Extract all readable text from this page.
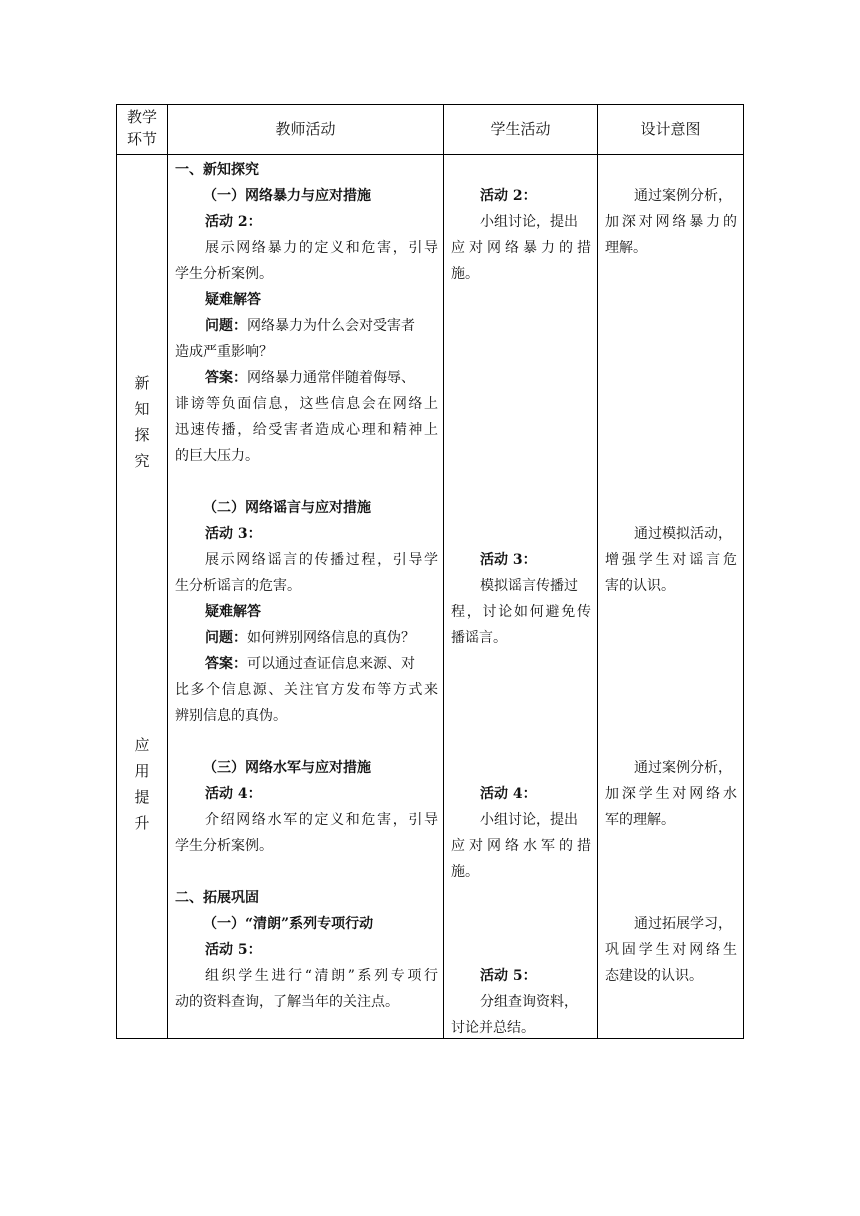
教学
环节
教师活动	学生活动	设计意图
新
知
探
究
应
用
提
升
一、新知探究
（一）网络暴力与应对措施
活动 2：
展示网络暴力的定义和危害，引导
学生分析案例。
疑难解答
问题：网络暴力为什么会对受害者
造成严重影响？
答案：网络暴力通常伴随着侮辱、
诽谤等负面信息，这些信息会在网络上
迅速传播，给受害者造成心理和精神上
的巨大压力。
（二）网络谣言与应对措施
活动 3：
展示网络谣言的传播过程，引导学
生分析谣言的危害。
疑难解答
问题：如何辨别网络信息的真伪？
答案：可以通过查证信息来源、对
比多个信息源、关注官方发布等方式来
辨别信息的真伪。
（三）网络水军与应对措施
活动 4：
介绍网络水军的定义和危害，引导
学生分析案例。
二、拓展巩固
（一）“清朗”系列专项行动
活动 5：
组织学生进行“清朗”系列专项行
动的资料查询，了解当年的关注点。
活动 2：
小组讨论，提出
应对网络暴力的措
施。
活动 3：
模拟谣言传播过
程，讨论如何避免传
播谣言。
活动 4：
小组讨论，提出
应对网络水军的措
施。
活动 5：
分组查询资料，
讨论并总结。
通过案例分析，
加深对网络暴力的
理解。
通过模拟活动，
增强学生对谣言危
害的认识。
通过案例分析，
加深学生对网络水
军的理解。
通过拓展学习，
巩固学生对网络生
态建设的认识。
